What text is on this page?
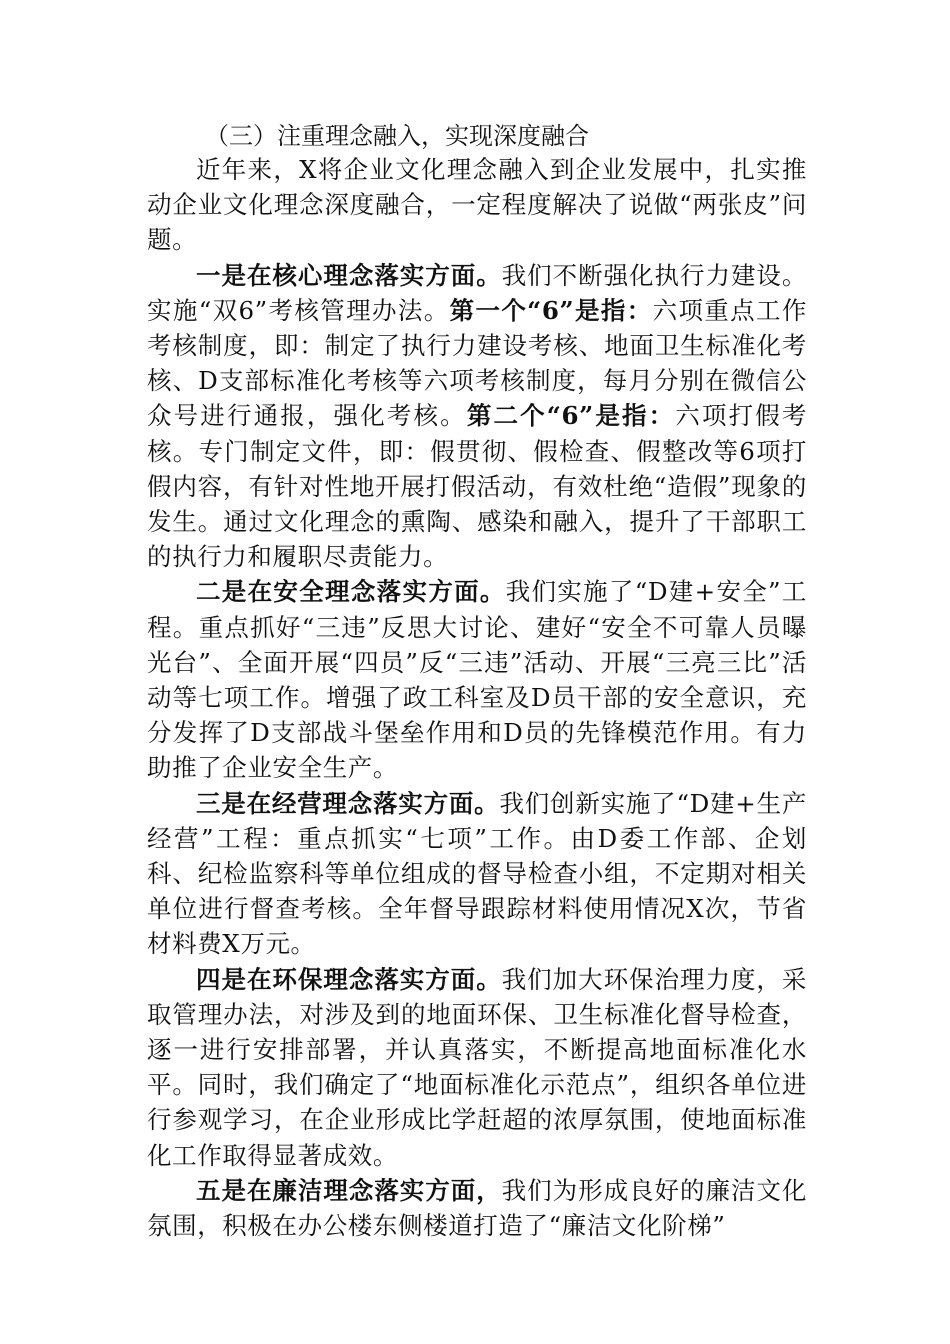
（三）注重理念融入，实现深度融合

近年来，X将企业文化理念融入到企业发展中，扎实推动企业文化理念深度融合，一定程度解决了说做“两张皮”问题。

一是在核心理念落实方面。我们不断强化执行力建设。实施“双6”考核管理办法。第一个“6”是指：六项重点工作考核制度，即：制定了执行力建设考核、地面卫生标准化考核、D支部标准化考核等六项考核制度，每月分别在微信公众号进行通报，强化考核。第二个“6”是指：六项打假考核。专门制定文件，即：假贯彻、假检查、假整改等6项打假内容，有针对性地开展打假活动，有效杜绝“造假”现象的发生。通过文化理念的熏陶、感染和融入，提升了干部职工的执行力和履职尽责能力。

二是在安全理念落实方面。我们实施了“D建+安全”工程。重点抓好“三违”反思大讨论、建好“安全不可靠人员曝光台”、全面开展“四员”反“三违”活动、开展“三亮三比”活动等七项工作。增强了政工科室及D员干部的安全意识，充分发挥了D支部战斗堡垒作用和D员的先锋模范作用。有力助推了企业安全生产。

三是在经营理念落实方面。我们创新实施了“D建+生产经营”工程：重点抓实“七项”工作。由D委工作部、企划科、纪检监察科等单位组成的督导检查小组，不定期对相关单位进行督查考核。全年督导跟踪材料使用情况X次，节省材料费X万元。

四是在环保理念落实方面。我们加大环保治理力度，采取管理办法，对涉及到的地面环保、卫生标准化督导检查，逐一进行安排部署，并认真落实，不断提高地面标准化水平。同时，我们确定了“地面标准化示范点”，组织各单位进行参观学习，在企业形成比学赶超的浓厚氛围，使地面标准化工作取得显著成效。

五是在廉洁理念落实方面，我们为形成良好的廉洁文化氛围，积极在办公楼东侧楼道打造了“廉洁文化阶梯”
